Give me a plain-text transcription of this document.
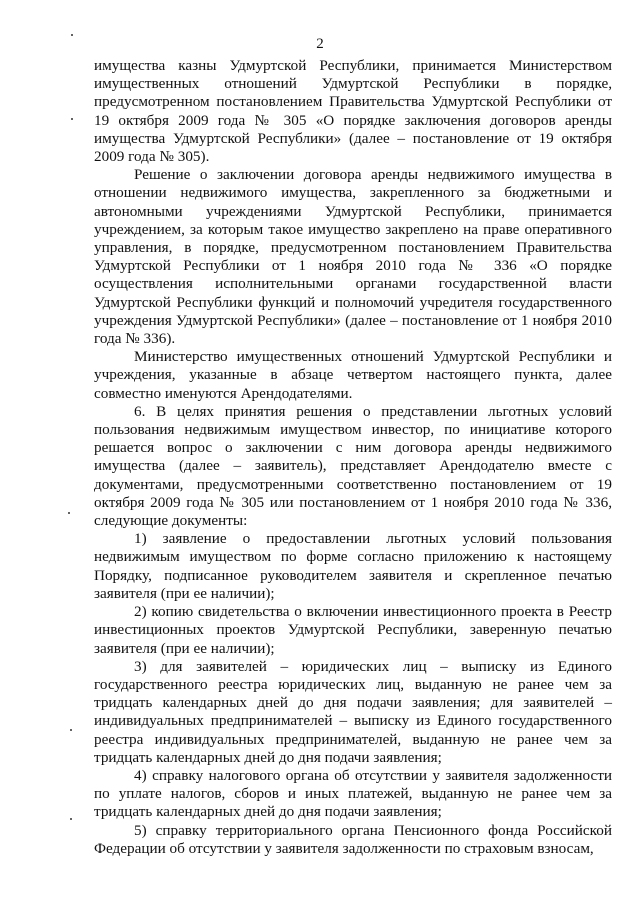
2

имущества казны Удмуртской Республики, принимается Министерством имущественных отношений Удмуртской Республики в порядке, предусмотренном постановлением Правительства Удмуртской Республики от 19 октября 2009 года № 305 «О порядке заключения договоров аренды имущества Удмуртской Республики» (далее – постановление от 19 октября 2009 года № 305).

Решение о заключении договора аренды недвижимого имущества в отношении недвижимого имущества, закрепленного за бюджетными и автономными учреждениями Удмуртской Республики, принимается учреждением, за которым такое имущество закреплено на праве оперативного управления, в порядке, предусмотренном постановлением Правительства Удмуртской Республики от 1 ноября 2010 года № 336 «О порядке осуществления исполнительными органами государственной власти Удмуртской Республики функций и полномочий учредителя государственного учреждения Удмуртской Республики» (далее – постановление от 1 ноября 2010 года № 336).

Министерство имущественных отношений Удмуртской Республики и учреждения, указанные в абзаце четвертом настоящего пункта, далее совместно именуются Арендодателями.

6. В целях принятия решения о представлении льготных условий пользования недвижимым имуществом инвестор, по инициативе которого решается вопрос о заключении с ним договора аренды недвижимого имущества (далее – заявитель), представляет Арендодателю вместе с документами, предусмотренными соответственно постановлением от 19 октября 2009 года № 305 или постановлением от 1 ноября 2010 года № 336, следующие документы:

1) заявление о предоставлении льготных условий пользования недвижимым имуществом по форме согласно приложению к настоящему Порядку, подписанное руководителем заявителя и скрепленное печатью заявителя (при ее наличии);

2) копию свидетельства о включении инвестиционного проекта в Реестр инвестиционных проектов Удмуртской Республики, заверенную печатью заявителя (при ее наличии);

3) для заявителей – юридических лиц – выписку из Единого государственного реестра юридических лиц, выданную не ранее чем за тридцать календарных дней до дня подачи заявления; для заявителей – индивидуальных предпринимателей – выписку из Единого государственного реестра индивидуальных предпринимателей, выданную не ранее чем за тридцать календарных дней до дня подачи заявления;

4) справку налогового органа об отсутствии у заявителя задолженности по уплате налогов, сборов и иных платежей, выданную не ранее чем за тридцать календарных дней до дня подачи заявления;

5) справку территориального органа Пенсионного фонда Российской Федерации об отсутствии у заявителя задолженности по страховым взносам,
